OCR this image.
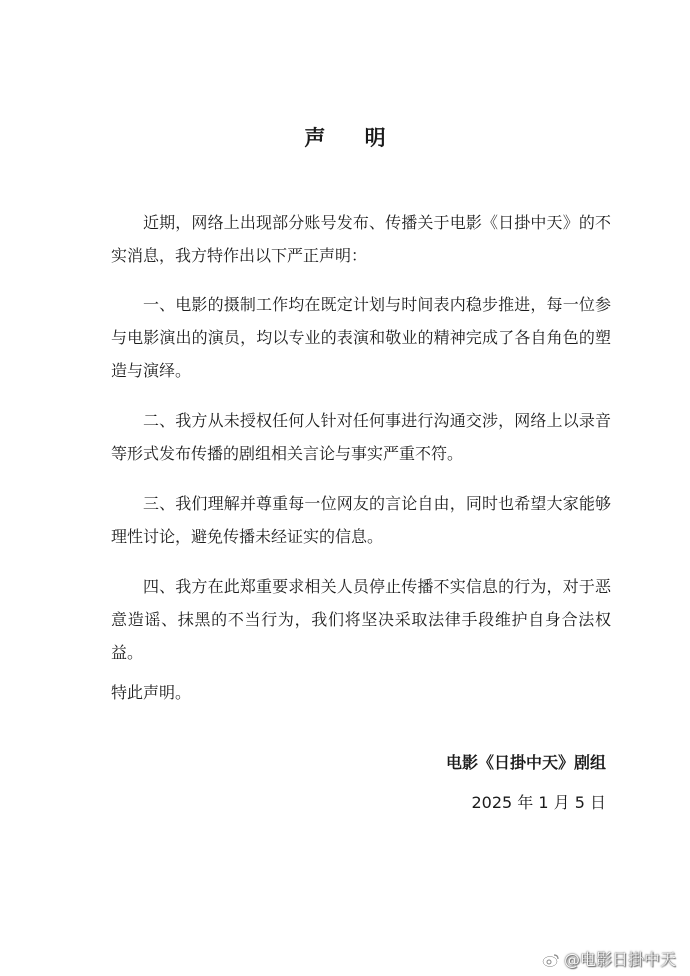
声 明

近期，网络上出现部分账号发布、传播关于电影《日掛中天》的不实消息，我方特作出以下严正声明：

一、电影的摄制工作均在既定计划与时间表内稳步推进，每一位参与电影演出的演员，均以专业的表演和敬业的精神完成了各自角色的塑造与演绎。

二、我方从未授权任何人针对任何事进行沟通交涉，网络上以录音等形式发布传播的剧组相关言论与事实严重不符。

三、我们理解并尊重每一位网友的言论自由，同时也希望大家能够理性讨论，避免传播未经证实的信息。

四、我方在此郑重要求相关人员停止传播不实信息的行为，对于恶意造谣、抹黑的不当行为，我们将坚决采取法律手段维护自身合法权益。

特此声明。
电影《日掛中天》剧组
2025 年 1 月 5 日
@电影日掛中天
